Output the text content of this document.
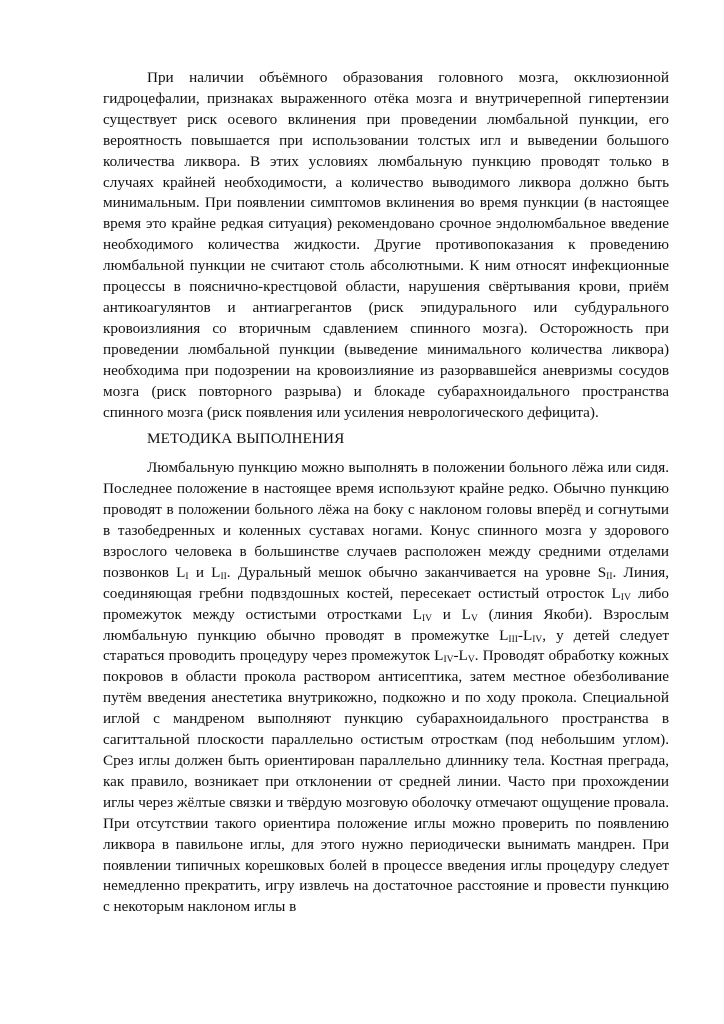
При наличии объёмного образования головного мозга, окклюзионной гидроцефалии, признаках выраженного отёка мозга и внутричерепной гипертензии существует риск осевого вклинения при проведении люмбальной пункции, его вероятность повышается при использовании толстых игл и выведении большого количества ликвора. В этих условиях люмбальную пункцию проводят только в случаях крайней необходимости, а количество выводимого ликвора должно быть минимальным. При появлении симптомов вклинения во время пункции (в настоящее время это крайне редкая ситуация) рекомендовано срочное эндолюмбальное введение необходимого количества жидкости. Другие противопоказания к проведению люмбальной пункции не считают столь абсолютными. К ним относят инфекционные процессы в пояснично-крестцовой области, нарушения свёртывания крови, приём антикоагулянтов и антиагрегантов (риск эпидурального или субдурального кровоизлияния со вторичным сдавлением спинного мозга). Осторожность при проведении люмбальной пункции (выведение минимального количества ликвора) необходима при подозрении на кровоизлияние из разорвавшейся аневризмы сосудов мозга (риск повторного разрыва) и блокаде субарахноидального пространства спинного мозга (риск появления или усиления неврологического дефицита).

МЕТОДИКА ВЫПОЛНЕНИЯ

Люмбальную пункцию можно выполнять в положении больного лёжа или сидя. Последнее положение в настоящее время используют крайне редко. Обычно пункцию проводят в положении больного лёжа на боку с наклоном головы вперёд и согнутыми в тазобедренных и коленных суставах ногами. Конус спинного мозга у здорового взрослого человека в большинстве случаев расположен между средними отделами позвонков $L_I$ и $L_{II}$. Дуральный мешок обычно заканчивается на уровне $S_{II}$. Линия, соединяющая гребни подвздошных костей, пересекает остистый отросток $L_{IV}$ либо промежуток между остистыми отростками $L_{IV}$ и $L_V$ (линия Якоби). Взрослым люмбальную пункцию обычно проводят в промежутке $L_{III}-L_{IV}$, у детей следует стараться проводить процедуру через промежуток $L_{IV}-L_V$. Проводят обработку кожных покровов в области прокола раствором антисептика, затем местное обезболивание путём введения анестетика внутрикожно, подкожно и по ходу прокола. Специальной иглой с мандреном выполняют пункцию субарахноидального пространства в сагиттальной плоскости параллельно остистым отросткам (под небольшим углом). Срез иглы должен быть ориентирован параллельно длиннику тела. Костная преграда, как правило, возникает при отклонении от средней линии. Часто при прохождении иглы через жёлтые связки и твёрдую мозговую оболочку отмечают ощущение провала. При отсутствии такого ориентира положение иглы можно проверить по появлению ликвора в павильоне иглы, для этого нужно периодически вынимать мандрен. При появлении типичных корешковых болей в процессе введения иглы процедуру следует немедленно прекратить, игру извлечь на достаточное расстояние и провести пункцию с некоторым наклоном иглы в
